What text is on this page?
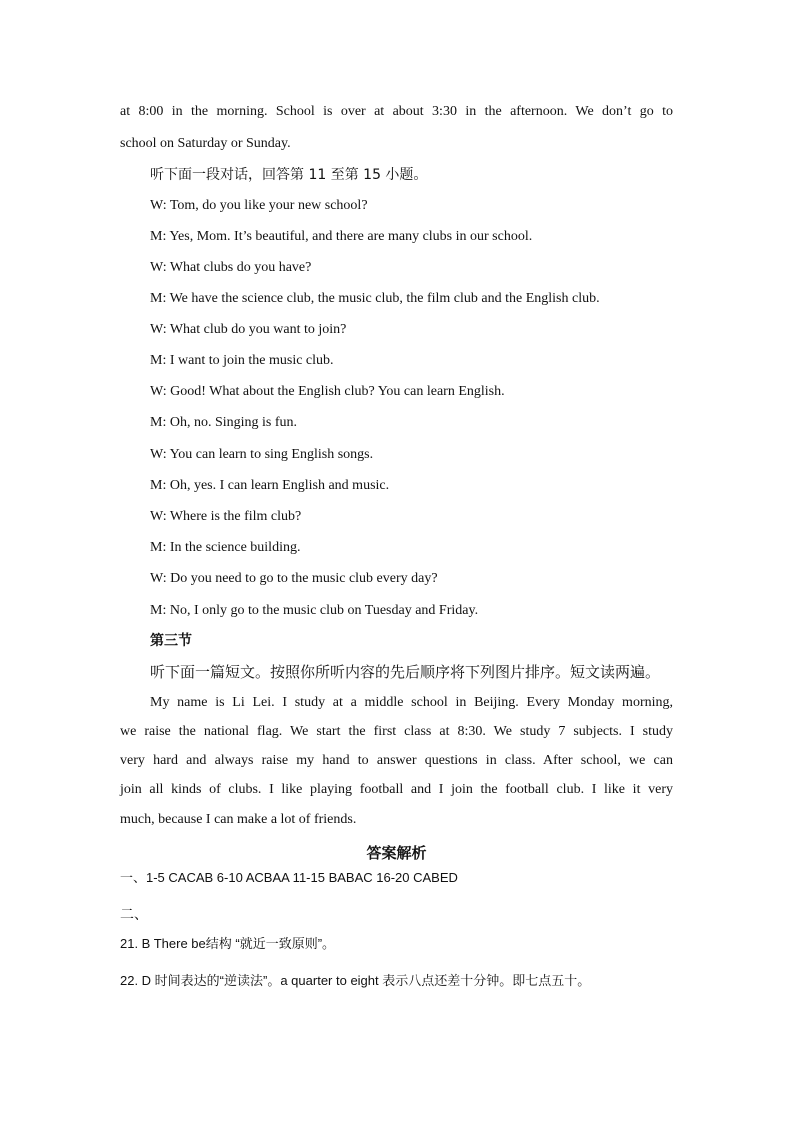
at 8:00 in the morning. School is over at about 3:30 in the afternoon. We don’t go to
school on Saturday or Sunday.
听下面一段对话，回答第 11 至第 15 小题。
W: Tom, do you like your new school?
M: Yes, Mom. It’s beautiful, and there are many clubs in our school.
W: What clubs do you have?
M: We have the science club, the music club, the film club and the English club.
W: What club do you want to join?
M: I want to join the music club.
W: Good! What about the English club? You can learn English.
M: Oh, no. Singing is fun.
W: You can learn to sing English songs.
M: Oh, yes. I can learn English and music.
W: Where is the film club?
M: In the science building.
W: Do you need to go to the music club every day?
M: No, I only go to the music club on Tuesday and Friday.
第三节
听下面一篇短文。按照你所听内容的先后顺序将下列图片排序。短文读两遍。
My name is Li Lei. I study at a middle school in Beijing. Every Monday morning,
we raise the national flag. We start the first class at 8:30. We study 7 subjects. I study
very hard and always raise my hand to answer questions in class. After school, we can
join all kinds of clubs. I like playing football and I join the football club. I like it very
much, because I can make a lot of friends.
答案解析
一、1-5 CACAB 6-10 ACBAA 11-15 BABAC 16-20 CABED
二、
21. B There be结构 “就近一致原则”。
22. D 时间表达的“逆读法”。a quarter to eight 表示八点还差十分钟。即七点五十。
